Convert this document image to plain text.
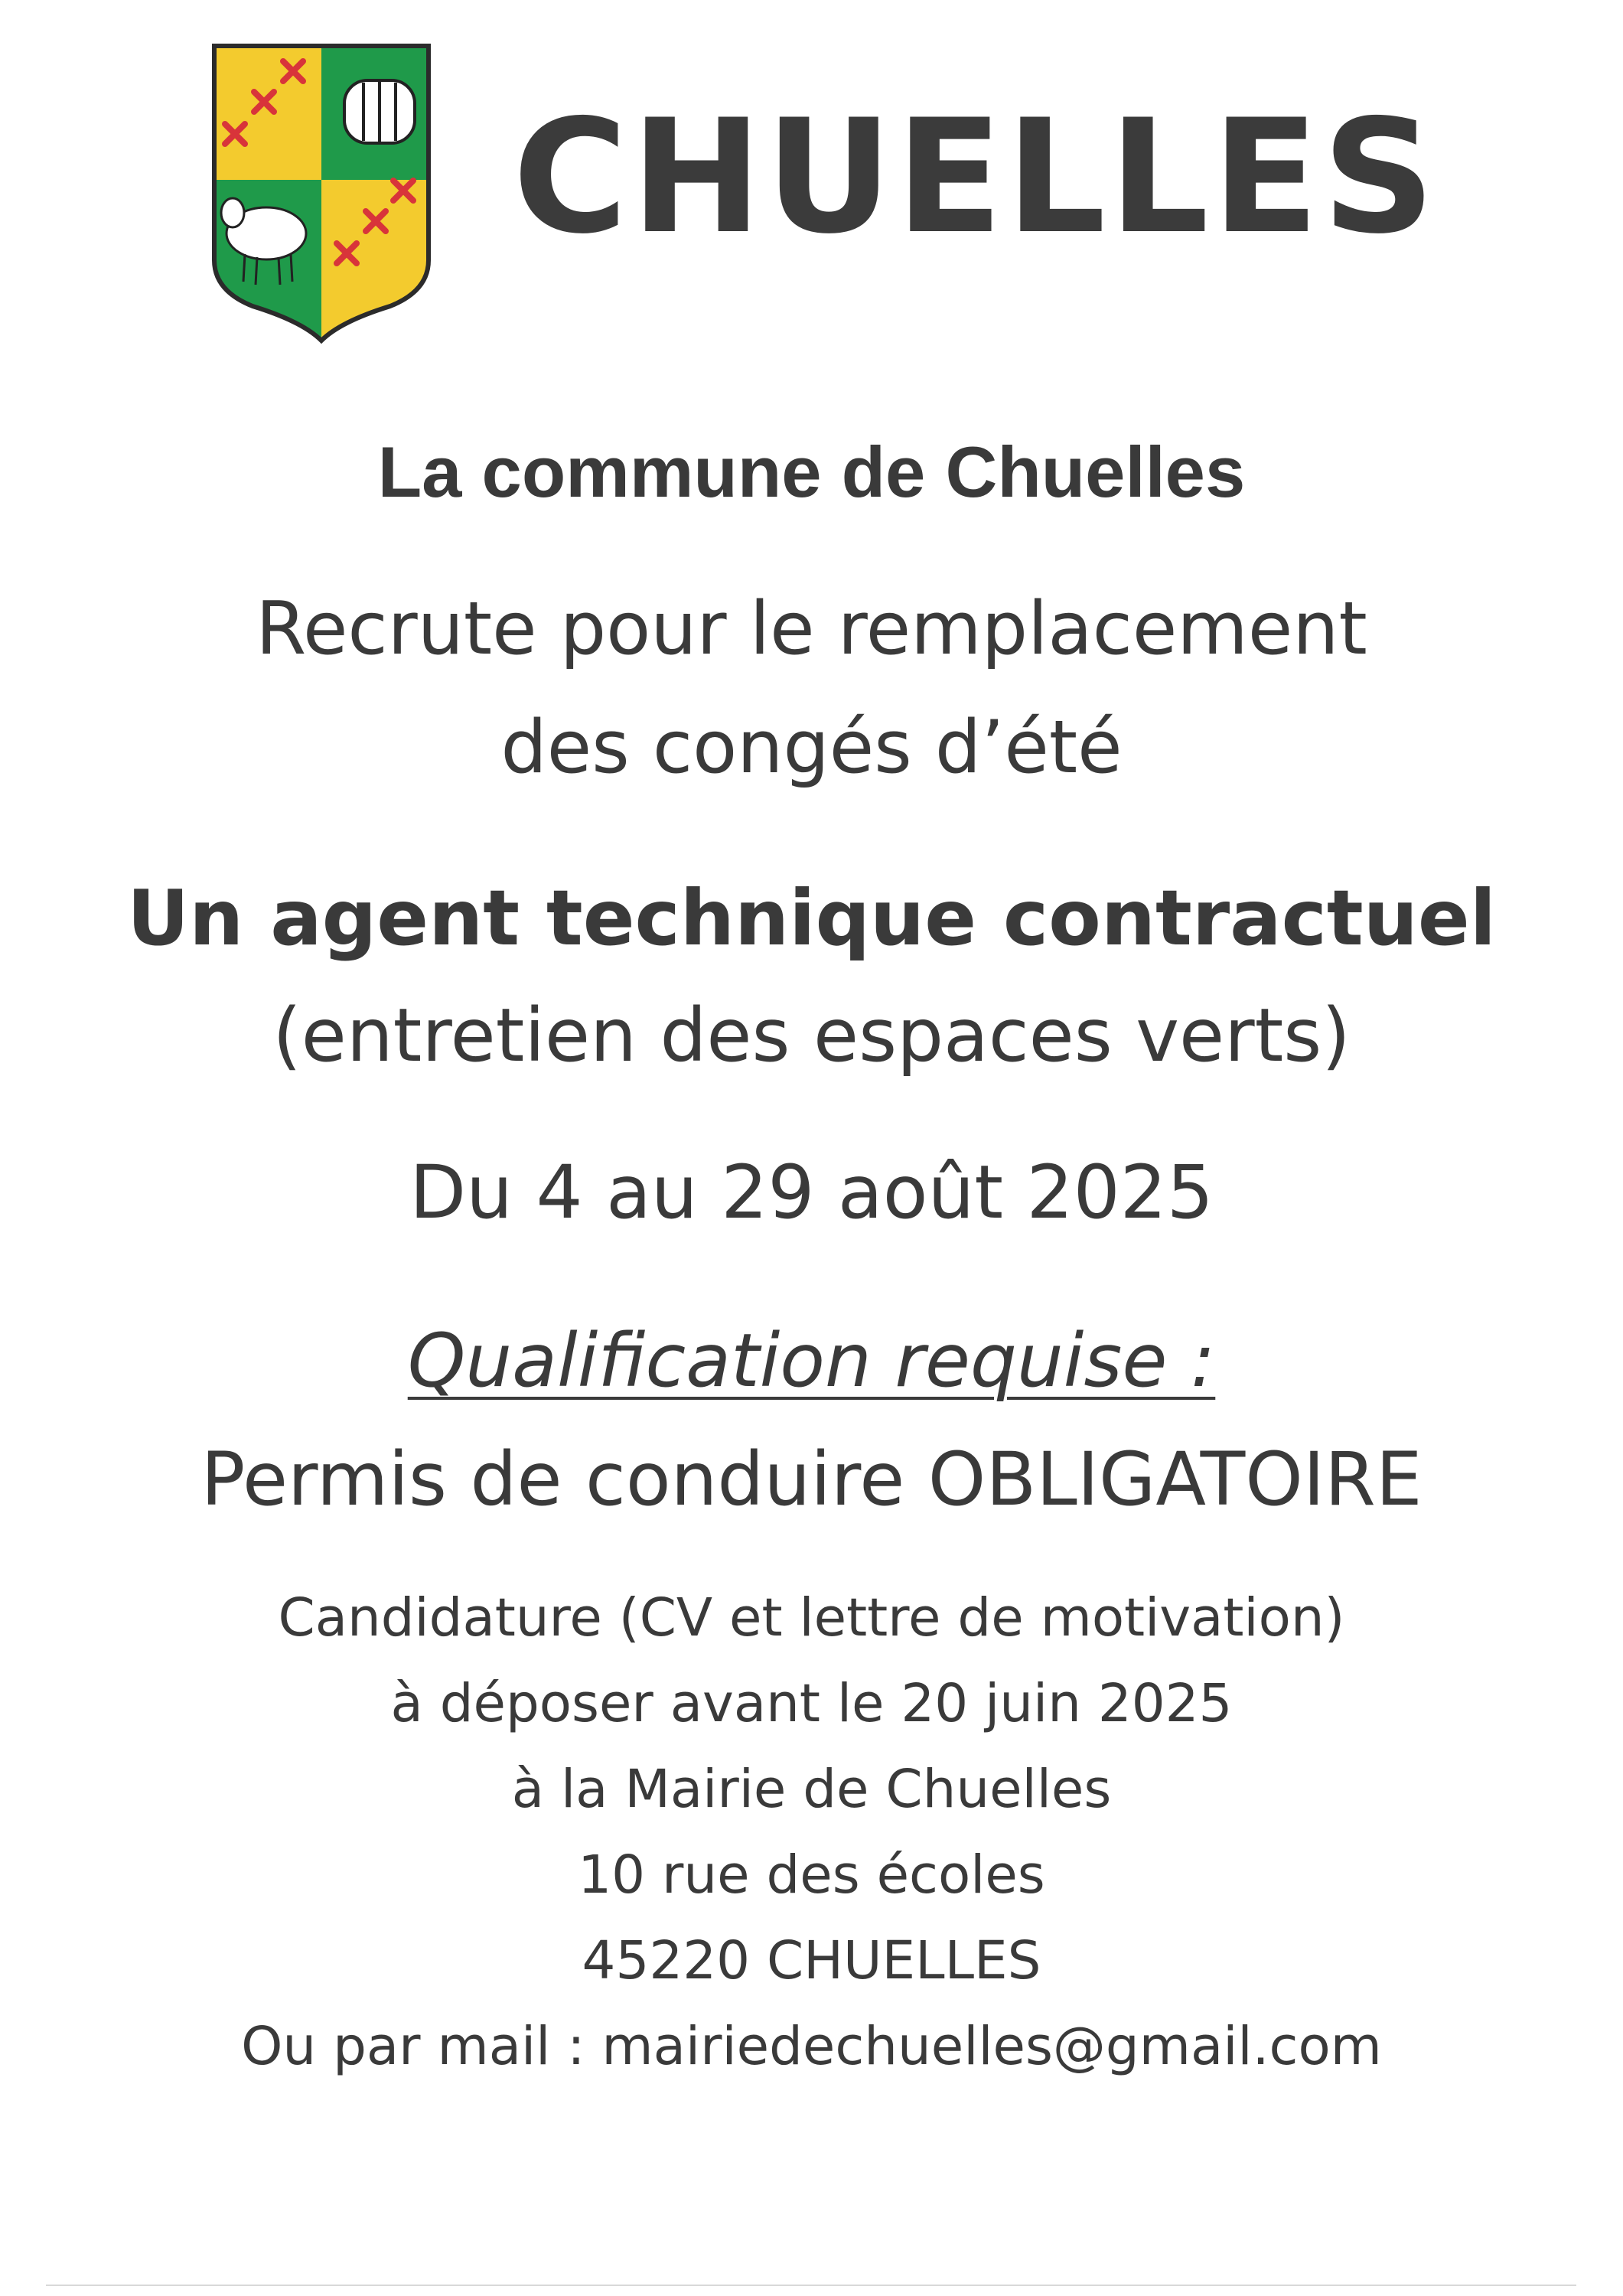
CHUELLES
La commune de Chuelles
Recrute pour le remplacement
des congés d’été
Un agent technique contractuel
(entretien des espaces verts)
Du 4 au 29 août 2025
Qualification requise :
Permis de conduire OBLIGATOIRE
Candidature (CV et lettre de motivation)
à déposer avant le 20 juin 2025
à la Mairie de Chuelles
10 rue des écoles
45220 CHUELLES
Ou par mail : mairiedechuelles@gmail.com
